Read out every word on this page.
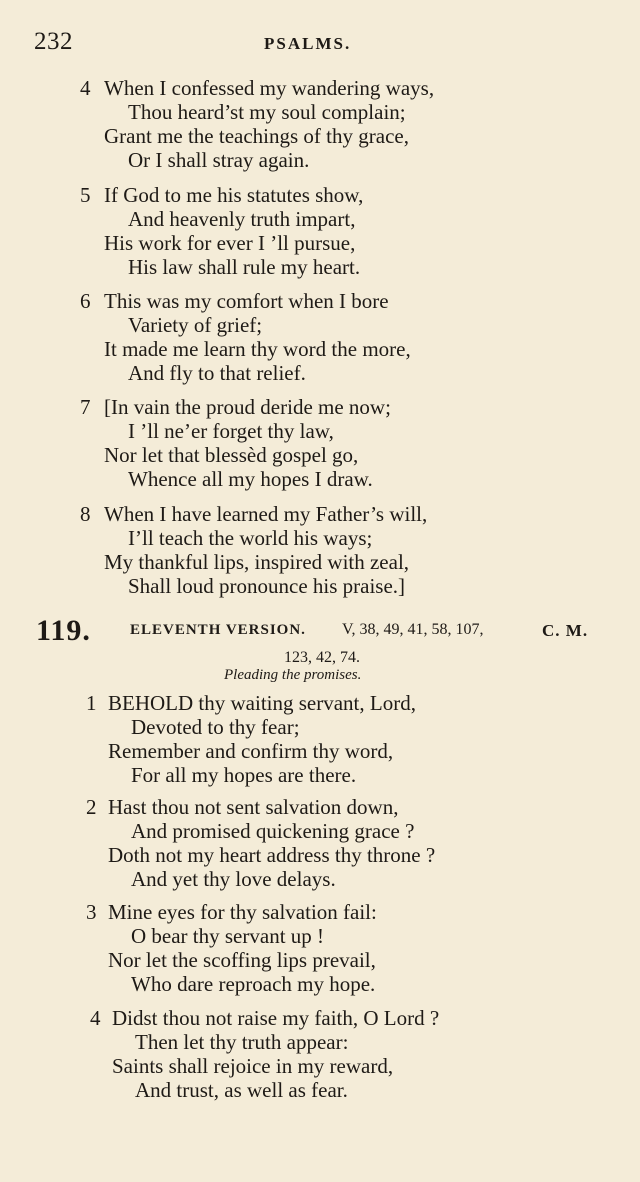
232	PSALMS.
4 When I confessed my wandering ways,
Thou heard’st my soul complain;
Grant me the teachings of thy grace,
Or I shall stray again.
5 If God to me his statutes show,
And heavenly truth impart,
His work for ever I ’ll pursue,
His law shall rule my heart.
6 This was my comfort when I bore
Variety of grief;
It made me learn thy word the more,
And fly to that relief.
7 [In vain the proud deride me now;
I ’ll ne’er forget thy law,
Nor let that blessèd gospel go,
Whence all my hopes I draw.
8 When I have learned my Father’s will,
I’ll teach the world his ways;
My thankful lips, inspired with zeal,
Shall loud pronounce his praise.]
119.	ELEVENTH VERSION. V, 38, 49, 41, 58, 107,	C. M.
123, 42, 74.
Pleading the promises.
1 BEHOLD thy waiting servant, Lord,
Devoted to thy fear;
Remember and confirm thy word,
For all my hopes are there.
2 Hast thou not sent salvation down,
And promised quickening grace ?
Doth not my heart address thy throne ?
And yet thy love delays.
3 Mine eyes for thy salvation fail:
O bear thy servant up !
Nor let the scoffing lips prevail,
Who dare reproach my hope.
4 Didst thou not raise my faith, O Lord ?
Then let thy truth appear:
Saints shall rejoice in my reward,
And trust, as well as fear.
